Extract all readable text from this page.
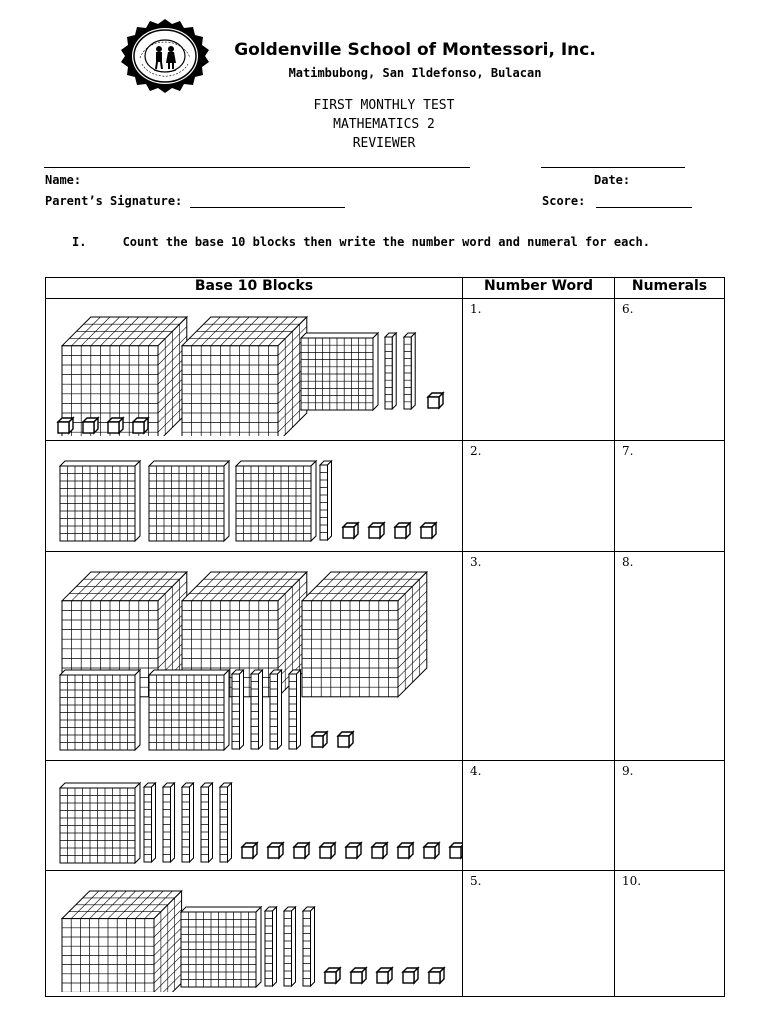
Goldenville School of Montessori, Inc.
Matimbubong, San Ildefonso, Bulacan
FIRST MONTHLY TEST
MATHEMATICS 2
REVIEWER
Name:	Date:
Parent’s Signature:	Score:
I.	Count the base 10 blocks then write the number word and numeral for each.
Base 10 Blocks	Number Word	Numerals

1.	6.

2.	7.

3.	8.

4.	9.

5.	10.
